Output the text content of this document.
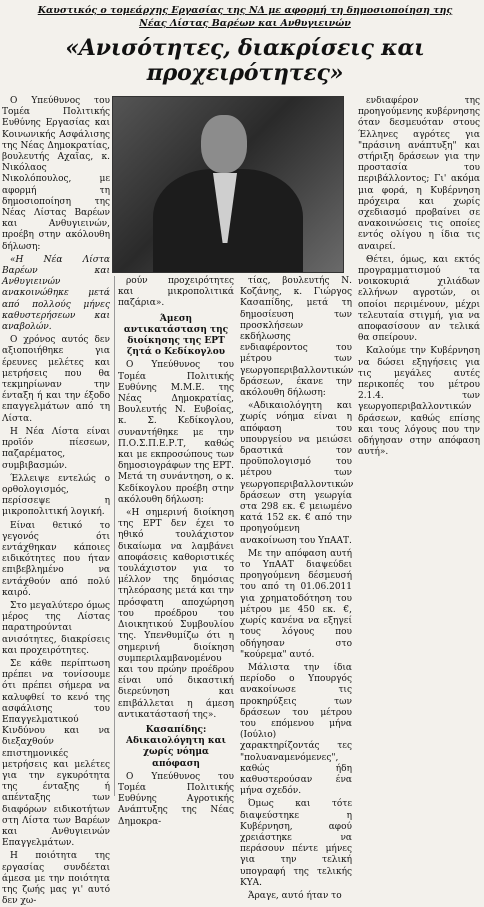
Καυστικός ο τομεάρχης Εργασίας της ΝΔ με αφορμή τη δημοσιοποίηση της Νέας Λίστας Βαρέων και Ανθυγιεινών
«Ανισότητες, διακρίσεις και προχειρότητες»

Ο Υπεύθυνος του Τομέα Πολιτικής Ευθύνης Εργασίας και Κοινωνικής Ασφάλισης της Νέας Δημοκρατίας, βουλευτής Αχαΐας, κ. Νικόλαος Νικολόπουλος, με αφορμή τη δημοσιοποίηση της Νέας Λίστας Βαρέων και Ανθυγιεινών, προέβη στην ακόλουθη δήλωση:

«Η Νέα Λίστα Βαρέων και Ανθυγιεινών ανακοινώθηκε μετά από πολλούς μήνες καθυστερήσεων και αναβολών.

Ο χρόνος αυτός δεν αξιοποιήθηκε για έρευνες μελέτες και μετρήσεις που θα τεκμηρίωναν την ένταξη ή και την έξοδο επαγγελμάτων από τη Λίστα.

Η Νέα Λίστα είναι προϊόν πίεσεων, παζαρέματος, συμβιβασμών.

Έλλειψε εντελώς ο ορθολογισμός, περίσσεψε η μικροπολιτική λογική.

Είναι θετικό το γεγονός ότι εντάχθηκαν κάποιες ειδικότητες που ήταν επιβεβλημένο να εντάχθούν από πολύ καιρό.

Στο μεγαλύτερο όμως μέρος της Λίστας παρατηρούνται ανισότητες, διακρίσεις και προχειρότητες.

Σε κάθε περίπτωση πρέπει να τονίσουμε ότι πρέπει σήμερα να καλυφθεί το κενό της ασφάλισης του Επαγγελματικού Κινδύνου και να διεξαχθούν επιστημονικές μετρήσεις και μελέτες για την εγκυρότητα της ένταξης ή απένταξης των διαφόρων ειδικοτήτων στη Λίστα των Βαρέων και Ανθυγιεινών Επαγγελμάτων.

Η ποιότητα της εργασίας συνδέεται άμεσα με την ποιότητα της ζωής μας γι' αυτό δεν χω-

ρούν προχειρότητες και μικροπολιτικά παζάρια».

Άμεση αντικατάσταση της διοίκησης της ΕΡΤ ζητά ο Κεδίκογλου

Ο Υπεύθυνος του Τομέα Πολιτικής Ευθύνης Μ.Μ.Ε. της Νέας Δημοκρατίας, Βουλευτής Ν. Ευβοίας, κ. Σ. Κεδίκογλου, συναντήθηκε με την Π.Ο.Σ.Π.Ε.Ρ.Τ, καθώς και με εκπροσώπους των δημοσιογράφων της ΕΡΤ. Μετά τη συνάντηση, ο κ. Κεδίκογλου προέβη στην ακόλουθη δήλωση:

«Η σημερινή διοίκηση της ΕΡΤ δεν έχει το ηθικό τουλάχιστον δικαίωμα να λαμβάνει αποφάσεις καθοριστικές τουλάχιστον για το μέλλον της δημόσιας τηλεόρασης μετά και την πρόσφατη απoχώρηση του προέδρου του Διοικητικού Συμβουλίου της. Υπενθυμίζω ότι η σημερινή διοίκηση συμπεριλαμβανομένου και του πρώην προέδρου είναι υπό δικαστική διερεύνηση και επιβάλλεται η άμεση αντικατάστασή της».

Κασαπίδης: Αδικαιολόγητη και χωρίς νόημα απόφαση

Ο Υπεύθυνος του Τομέα Πολιτικής Ευθύνης Αγροτικής Ανάπτυξης της Νέας Δημοκρα-

τίας, βουλευτής Ν. Κοζάνης, κ. Γιώργος Κασαπίδης, μετά τη δημοσίευση των προσκλήσεων εκδήλωσης ενδιαφέροντος του μέτρου των γεωργοπεριβαλλοντικών δράσεων, έκανε την ακόλουθη δήλωση:

«Αδικαιολόγητη και χωρίς νόημα είναι η απόφαση του υπουργείου να μειώσει δραστικά τον προϋπολογισμό του μέτρου των γεωργοπεριβαλλοντικών δράσεων στη γεωργία στα 298 εκ. € μειωμένο κατά 152 εκ. € από την προηγούμενη ανακοίνωση του ΥπΑΑΤ.

Με την απόφαση αυτή το ΥπΑΑΤ διαψεύδει προηγούμενη δέσμευσή του από τη 01.06.2011 για χρηματοδότηση του μέτρου με 450 εκ. €, χωρίς κανένα να εξηγεί τους λόγους που οδήγησαν στο "κούρεμα" αυτό.

Μάλιστα την ίδια περίοδο ο Υπουργός ανακοίνωσε τις προκηρύξεις των δράσεων του μέτρου του επόμενου μήνα (Ιούλιο) χαρακτηρίζοντάς τες "πολυαναμενόμενες", καθώς ήδη καθυστερούσαν ένα μήνα σχεδόν.

Όμως και τότε διαψεύστηκε η Κυβέρνηση, αφού χρειάστηκε να περάσουν πέντε μήνες για την τελική υπογραφή της τελικής ΚΥΑ.

Άραγε, αυτό ήταν το

ενδιαφέρον της προηγούμενης κυβέρνησης όταν δεσμευόταν στους Έλληνες αγρότες για "πράσινη ανάπτυξη" και στήριξη δράσεων για την προστασία του περιβάλλοντος; Γι' ακόμα μια φορά, η Κυβέρνηση πρόχειρα και χωρίς σχεδιασμό προβαίνει σε ανακοινώσεις τις οποίες εντός ολίγου η ίδια τις αναιρεί.

Θέτει, όμως, και εκτός προγραμματισμού τα νοικοκυριά χιλιάδων ελλήνων αγροτών, οι οποίοι περιμένουν, μέχρι τελευταία στιγμή, για να αποφασίσουν αν τελικά θα σπείρουν.

Καλούμε την Κυβέρνηση να δώσει εξηγήσεις για τις μεγάλες αυτές περικοπές του μέτρου 2.1.4. των γεωργοπεριβαλλοντικών δράσεων, καθώς επίσης και τους λόγους που την οδήγησαν στην απόφαση αυτή».
